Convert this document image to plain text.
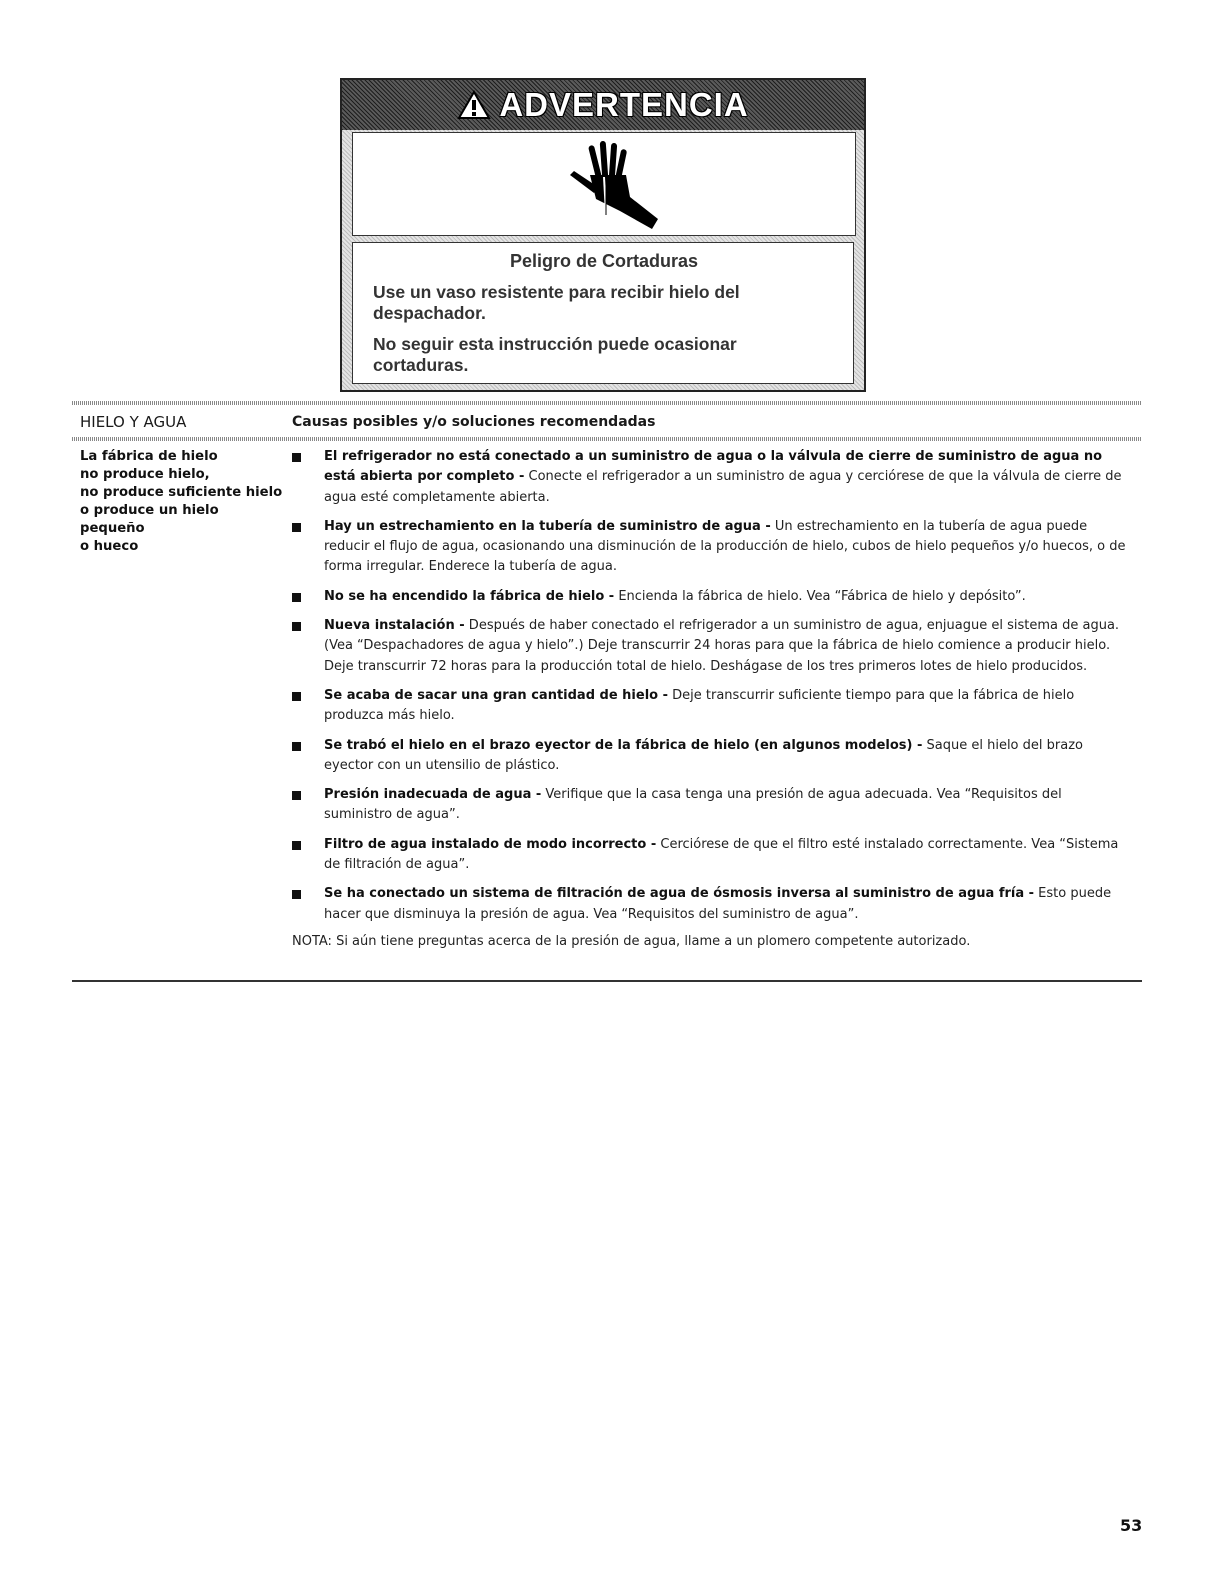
ADVERTENCIA
Peligro de Cortaduras
Use un vaso resistente para recibir hielo del despachador.
No seguir esta instrucción puede ocasionar cortaduras.
HIELO Y AGUA	Causas posibles y/o soluciones recomendadas
La fábrica de hielo
no produce hielo,
no produce suficiente hielo
o produce un hielo pequeño
o hueco
El refrigerador no está conectado a un suministro de agua o la válvula de cierre de suministro de agua no está abierta por completo - Conecte el refrigerador a un suministro de agua y cerciórese de que la válvula de cierre de agua esté completamente abierta.
Hay un estrechamiento en la tubería de suministro de agua - Un estrechamiento en la tubería de agua puede reducir el flujo de agua, ocasionando una disminución de la producción de hielo, cubos de hielo pequeños y/o huecos, o de forma irregular. Enderece la tubería de agua.
No se ha encendido la fábrica de hielo - Encienda la fábrica de hielo. Vea “Fábrica de hielo y depósito”.
Nueva instalación - Después de haber conectado el refrigerador a un suministro de agua, enjuague el sistema de agua. (Vea “Despachadores de agua y hielo”.) Deje transcurrir 24 horas para que la fábrica de hielo comience a producir hielo. Deje transcurrir 72 horas para la producción total de hielo. Deshágase de los tres primeros lotes de hielo producidos.
Se acaba de sacar una gran cantidad de hielo - Deje transcurrir suficiente tiempo para que la fábrica de hielo produzca más hielo.
Se trabó el hielo en el brazo eyector de la fábrica de hielo (en algunos modelos) - Saque el hielo del brazo eyector con un utensilio de plástico.
Presión inadecuada de agua - Verifique que la casa tenga una presión de agua adecuada. Vea “Requisitos del suministro de agua”.
Filtro de agua instalado de modo incorrecto - Cerciórese de que el filtro esté instalado correctamente. Vea “Sistema de filtración de agua”.
Se ha conectado un sistema de filtración de agua de ósmosis inversa al suministro de agua fría - Esto puede hacer que disminuya la presión de agua. Vea “Requisitos del suministro de agua”.
NOTA: Si aún tiene preguntas acerca de la presión de agua, llame a un plomero competente autorizado.
53
